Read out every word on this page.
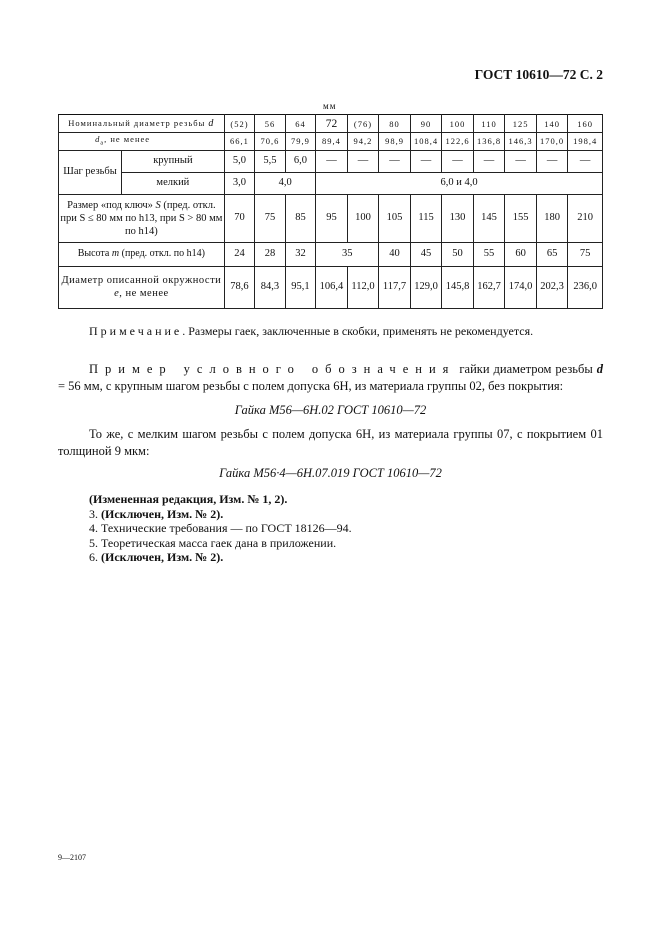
ГОСТ 10610—72 С. 2
мм
Номинальный диаметр резьбы d		(52)	56	64	72	(76)	80	90	100	110	125	140	160
$d_a$, не менее		66,1	70,6	79,9	89,4	94,2	98,9	108,4	122,6	136,8	146,3	170,0	198,4
Шаг резьбы	крупный	5,0	5,5	6,0	—	—	—	—	—	—	—	—	—
	мелкий	3,0	4,0		6,0 и 4,0								
Размер «под ключ» S (пред. откл. при S ≤ 80 мм по h13, при S > 80 мм по h14)		70	75	85	95	100	105	115	130	145	155	180	210
Высота m (пред. откл. по h14)		24	28	32	35		40	45	50	55	60	65	75
Диаметр описанной окружности e, не менее		78,6	84,3	95,1	106,4	112,0	117,7	129,0	145,8	162,7	174,0	202,3	236,0
Примечание. Размеры гаек, заключенные в скобки, применять не рекомендуется.
Пример условного обозначения гайки диаметром резьбы d = 56 мм, с крупным шагом резьбы с полем допуска 6Н, из материала группы 02, без покрытия:
Гайка М56—6Н.02 ГОСТ 10610—72
То же, с мелким шагом резьбы с полем допуска 6Н, из материала группы 07, с покрытием 01 толщиной 9 мкм:
Гайка М56·4—6Н.07.019 ГОСТ 10610—72
(Измененная редакция, Изм. № 1, 2).
3. (Исключен, Изм. № 2).
4. Технические требования — по ГОСТ 18126—94.
5. Теоретическая масса гаек дана в приложении.
6. (Исключен, Изм. № 2).
9—2107
